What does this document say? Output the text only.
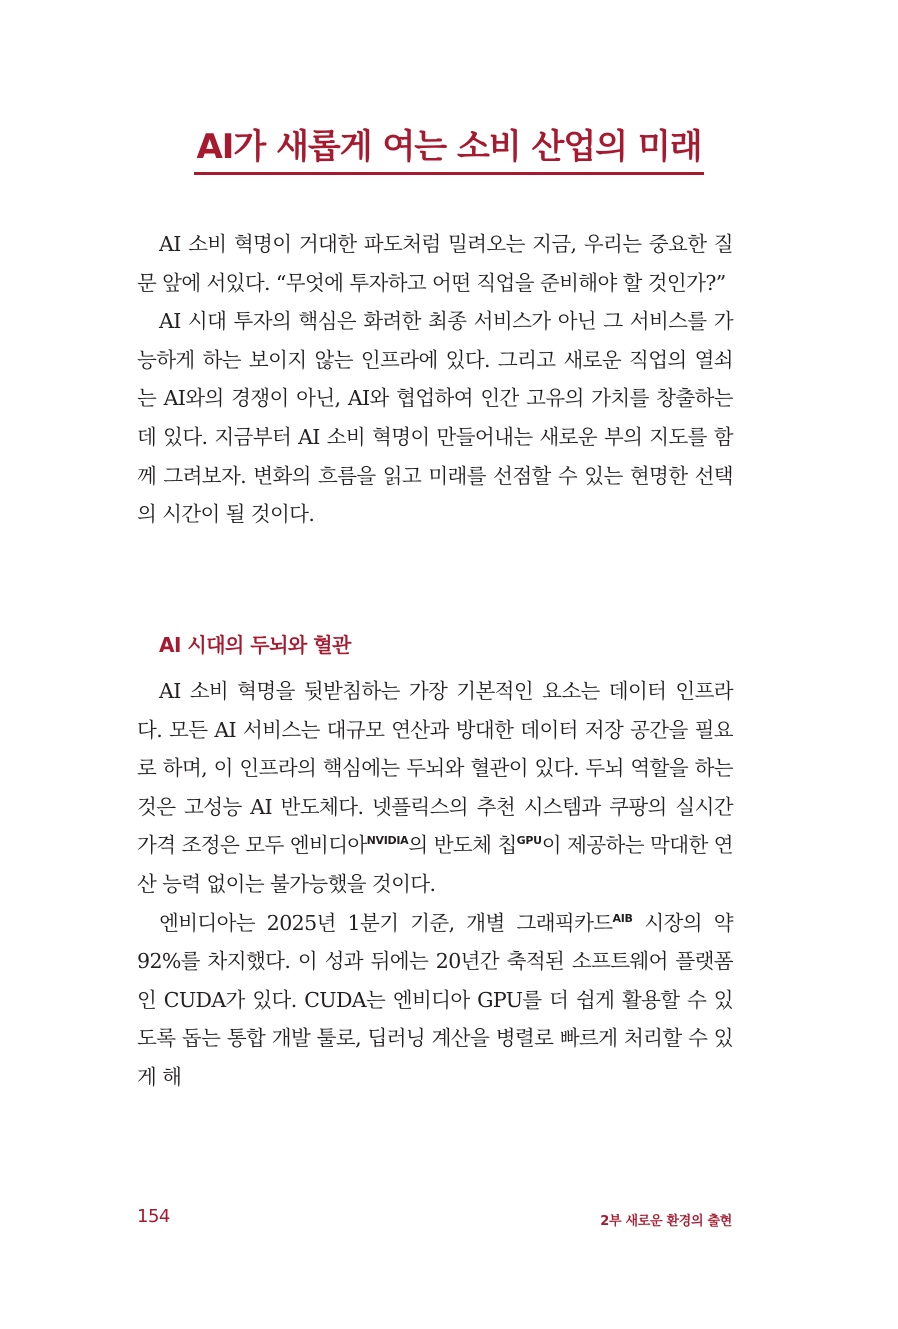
AI가 새롭게 여는 소비 산업의 미래

AI 소비 혁명이 거대한 파도처럼 밀려오는 지금, 우리는 중요한 질문 앞에 서있다. “무엇에 투자하고 어떤 직업을 준비해야 할 것인가?”

AI 시대 투자의 핵심은 화려한 최종 서비스가 아닌 그 서비스를 가능하게 하는 보이지 않는 인프라에 있다. 그리고 새로운 직업의 열쇠는 AI와의 경쟁이 아닌, AI와 협업하여 인간 고유의 가치를 창출하는 데 있다. 지금부터 AI 소비 혁명이 만들어내는 새로운 부의 지도를 함께 그려보자. 변화의 흐름을 읽고 미래를 선점할 수 있는 현명한 선택의 시간이 될 것이다.

AI 시대의 두뇌와 혈관

AI 소비 혁명을 뒷받침하는 가장 기본적인 요소는 데이터 인프라다. 모든 AI 서비스는 대규모 연산과 방대한 데이터 저장 공간을 필요로 하며, 이 인프라의 핵심에는 두뇌와 혈관이 있다. 두뇌 역할을 하는 것은 고성능 AI 반도체다. 넷플릭스의 추천 시스템과 쿠팡의 실시간 가격 조정은 모두 엔비디아$^{NVIDIA}$의 반도체 칩$^{GPU}$이 제공하는 막대한 연산 능력 없이는 불가능했을 것이다.

엔비디아는 2025년 1분기 기준, 개별 그래픽카드$^{AIB}$ 시장의 약 92%를 차지했다. 이 성과 뒤에는 20년간 축적된 소프트웨어 플랫폼인 CUDA가 있다. CUDA는 엔비디아 GPU를 더 쉽게 활용할 수 있도록 돕는 통합 개발 툴로, 딥러닝 계산을 병렬로 빠르게 처리할 수 있게 해

154	2부 새로운 환경의 출현
